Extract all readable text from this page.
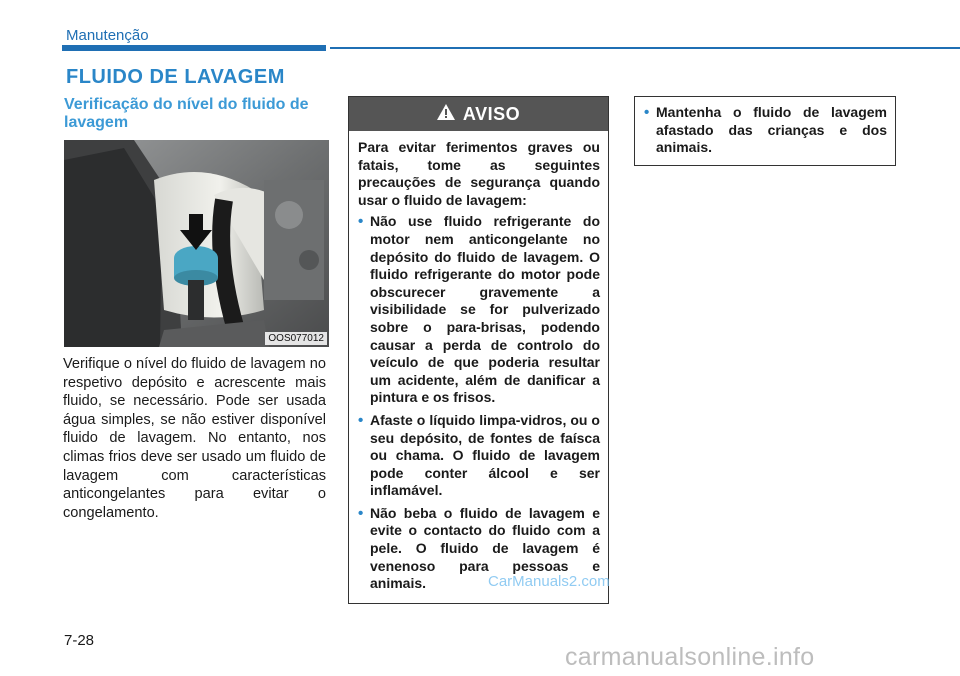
Manutenção
FLUIDO DE LAVAGEM
Verificação do nível do fluido de lavagem
OOS077012
Verifique o nível do fluido de lavagem no respetivo depósito e acrescente mais fluido, se necessário. Pode ser usada água simples, se não estiver disponível fluido de lavagem. No entanto, nos climas frios deve ser usado um fluido de lavagem com características anticongelantes para evitar o congelamento.
AVISO

Para evitar ferimentos graves ou fatais, tome as seguintes precauções de segurança quando usar o fluido de lavagem:

• Não use fluido refrigerante do motor nem anticongelante no depósito do fluido de lavagem. O fluido refrigerante do motor pode obscurecer gravemente a visibilidade se for pulverizado sobre o para-brisas, podendo causar a perda de controlo do veículo de que poderia resultar um acidente, além de danificar a pintura e os frisos.
• Afaste o líquido limpa-vidros, ou o seu depósito, de fontes de faísca ou chama. O fluido de lavagem pode conter álcool e ser inflamável.
• Não beba o fluido de lavagem e evite o contacto do fluido com a pele. O fluido de lavagem é venenoso para pessoas e animais.
• Mantenha o fluido de lavagem afastado das crianças e dos animais.
CarManuals2.com
7-28
carmanualsonline.info
